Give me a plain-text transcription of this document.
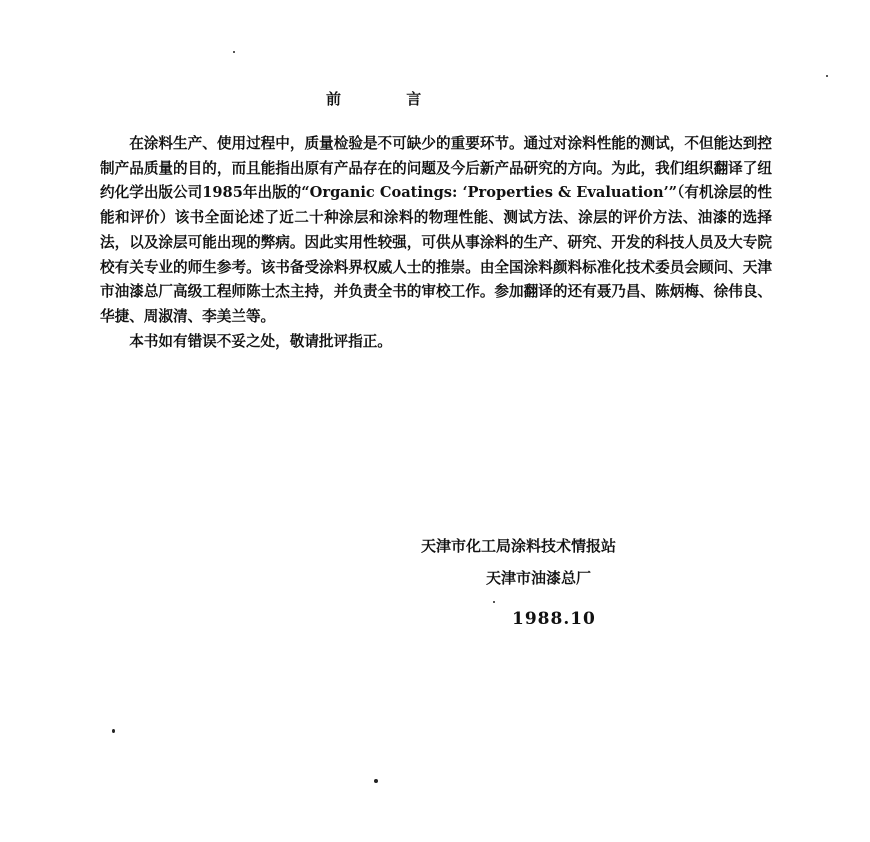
前 言

在涂料生产、使用过程中，质量检验是不可缺少的重要环节。通过对涂料性能的测试，不但能达到控制产品质量的目的，而且能指出原有产品存在的问题及今后新产品研究的方向。为此，我们组织翻译了纽约化学出版公司1985年出版的“Organic Coatings: ‘Properties & Evaluation’”（有机涂层的性能和评价）该书全面论述了近二十种涂层和涂料的物理性能、测试方法、涂层的评价方法、油漆的选择法，以及涂层可能出现的弊病。因此实用性较强，可供从事涂料的生产、研究、开发的科技人员及大专院校有关专业的师生参考。该书备受涂料界权威人士的推崇。由全国涂料颜料标准化技术委员会顾问、天津市油漆总厂高级工程师陈士杰主持，并负责全书的审校工作。参加翻译的还有聂乃昌、陈炳梅、徐伟良、华捷、周淑清、李美兰等。

本书如有错误不妥之处，敬请批评指正。

天津市化工局涂料技术情报站
天津市油漆总厂
1988.10
